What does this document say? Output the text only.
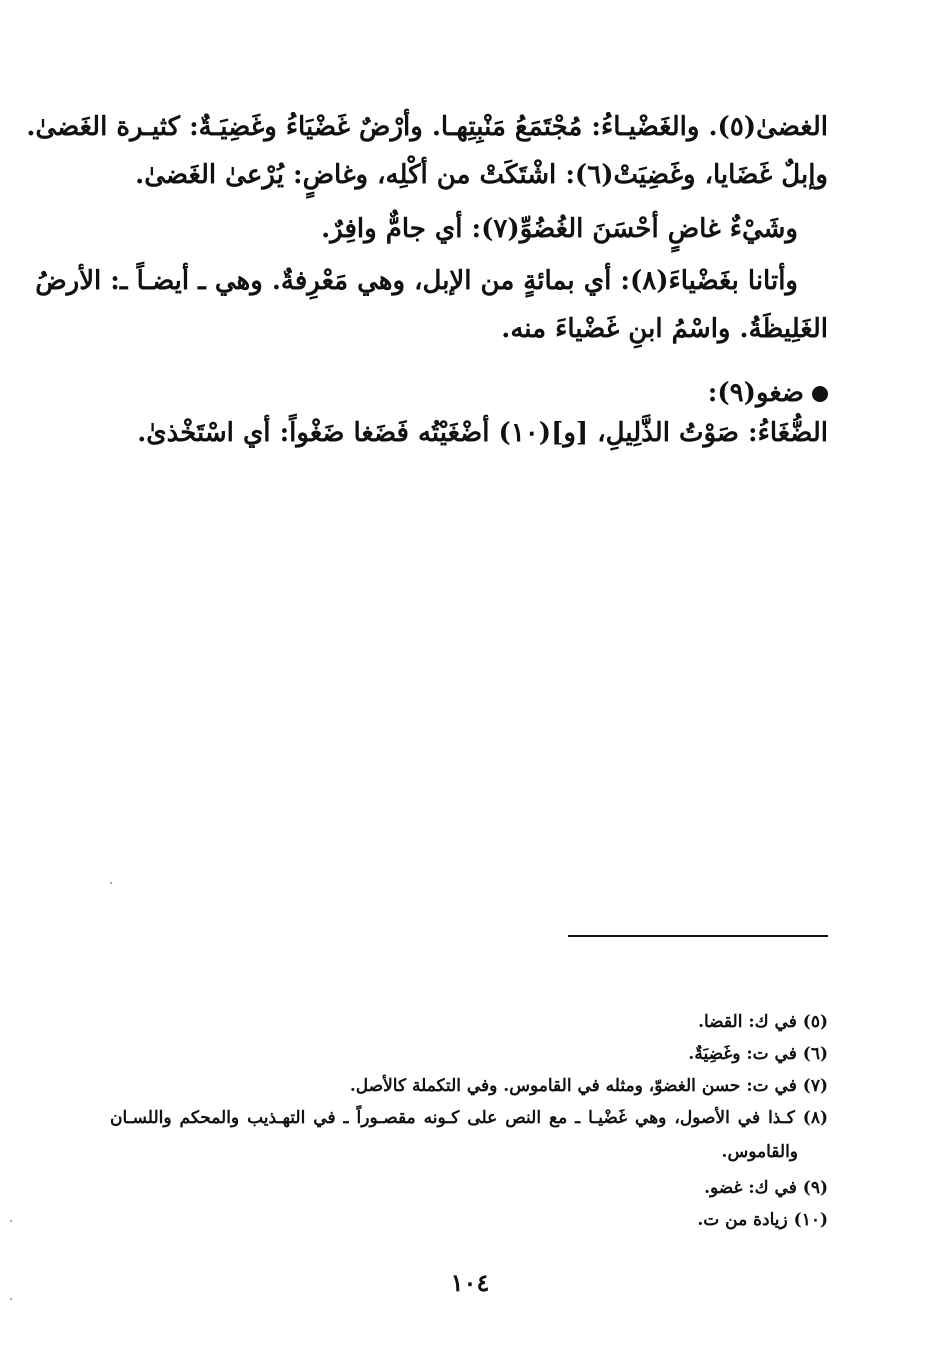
الغضیٰ(٥). والغَضْیـاءُ: مُجْتَمَعُ مَنْبِتِهـا. وأرْضٌ غَضْیَاءُ وغَضِیَـةٌ: كثیـرة الغَضیٰ.
وإبلٌ غَضَایا، وغَضِیَتْ(٦): اشْتَكَتْ من أكْلِه، وغاضٍ: یُرْعیٰ الغَضیٰ.
وشَيْءٌ غاضٍ أحْسَنَ الغُضُوِّ(٧): أي جامٌّ وافِرٌ.
وأتانا بغَضْیاءَ(٨): أي بمائةٍ من الإبل، وهي مَعْرِفةٌ. وهي ـ أیضـاً ـ: الأرضُ
الغَلِیظَةُ. واسْمُ ابنِ غَضْیاءَ منه.
ضغو(٩):
الضُّغَاءُ: صَوْتُ الذَّلِیلِ، [و](١٠) أضْغَیْتُه فَضَغا ضَغْواً: أي اسْتَخْذیٰ.
(٥) في ك: القضا.
(٦) في ت: وغَضِیَةٌ.
(٧) في ت: حسن الغضوّ، ومثله في القاموس. وفي التكملة كالأصل.
(٨) كـذا في الأصول، وهي غَضْیـا ـ مع النص على كـونه مقصـوراً ـ في التهـذیب والمحكم واللسـان
والقاموس.
(٩) في ك: غضو.
(١٠) زیادة من ت.
١٠٤
